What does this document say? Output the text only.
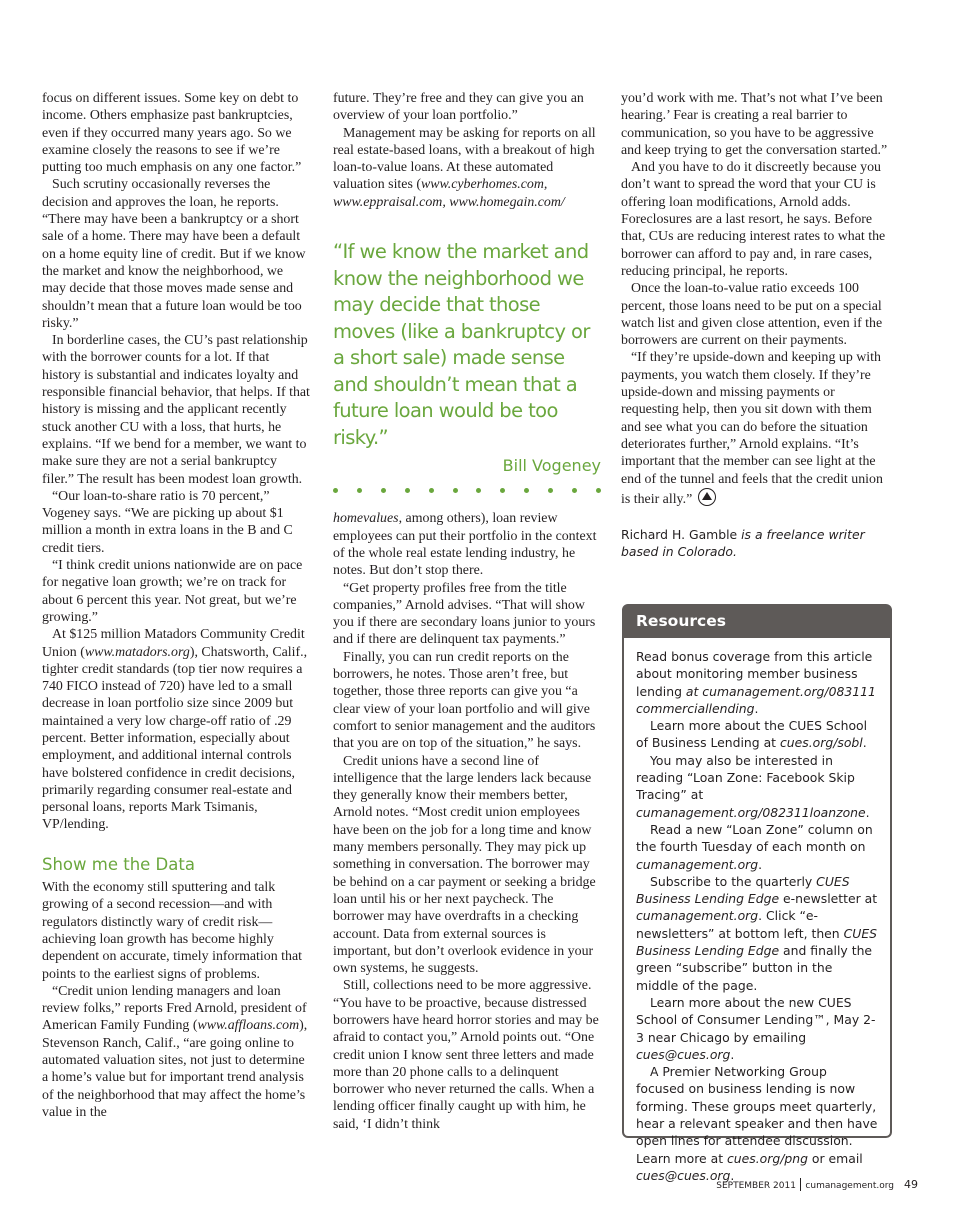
focus on different issues. Some key on debt to income. Others emphasize past bankruptcies, even if they occurred many years ago. So we examine closely the reasons to see if we’re putting too much emphasis on any one factor.”

Such scrutiny occasionally reverses the decision and approves the loan, he reports. “There may have been a bankruptcy or a short sale of a home. There may have been a default on a home equity line of credit. But if we know the market and know the neighborhood, we may decide that those moves made sense and shouldn’t mean that a future loan would be too risky.”

In borderline cases, the CU’s past relationship with the borrower counts for a lot. If that history is substantial and indicates loyalty and responsible financial behavior, that helps. If that history is missing and the applicant recently stuck another CU with a loss, that hurts, he explains. “If we bend for a member, we want to make sure they are not a serial bankruptcy filer.” The result has been modest loan growth.

“Our loan-to-share ratio is 70 percent,” Vogeney says. “We are picking up about $1 million a month in extra loans in the B and C credit tiers.

“I think credit unions nationwide are on pace for negative loan growth; we’re on track for about 6 percent this year. Not great, but we’re growing.”

At $125 million Matadors Community Credit Union (www.matadors.org), Chatsworth, Calif., tighter credit standards (top tier now requires a 740 FICO instead of 720) have led to a small decrease in loan portfolio size since 2009 but maintained a very low charge-off ratio of .29 percent. Better information, especially about employment, and additional internal controls have bolstered confidence in credit decisions, primarily regarding consumer real-estate and personal loans, reports Mark Tsimanis, VP/lending.

Show me the Data

With the economy still sputtering and talk growing of a second recession—and with regulators distinctly wary of credit risk—achieving loan growth has become highly dependent on accurate, timely information that points to the earliest signs of problems.

“Credit union lending managers and loan review folks,” reports Fred Arnold, president of American Family Funding (www.affloans.com), Stevenson Ranch, Calif., “are going online to automated valuation sites, not just to determine a home’s value but for important trend analysis of the neighborhood that may affect the home’s value in the

future. They’re free and they can give you an overview of your loan portfolio.”

Management may be asking for reports on all real estate-based loans, with a breakout of high loan-to-value loans. At these automated valuation sites (www.cyberhomes.com, www.eppraisal.com, www.homegain.com/

“If we know the market and know the neighborhood we may decide that those moves (like a bankruptcy or a short sale) made sense and shouldn’t mean that a future loan would be too risky.”
Bill Vogeney

homevalues, among others), loan review employees can put their portfolio in the context of the whole real estate lending industry, he notes. But don’t stop there.

“Get property profiles free from the title companies,” Arnold advises. “That will show you if there are secondary loans junior to yours and if there are delinquent tax payments.”

Finally, you can run credit reports on the borrowers, he notes. Those aren’t free, but together, those three reports can give you “a clear view of your loan portfolio and will give comfort to senior management and the auditors that you are on top of the situation,” he says.

Credit unions have a second line of intelligence that the large lenders lack because they generally know their members better, Arnold notes. “Most credit union employees have been on the job for a long time and know many members personally. They may pick up something in conversation. The borrower may be behind on a car payment or seeking a bridge loan until his or her next paycheck. The borrower may have overdrafts in a checking account. Data from external sources is important, but don’t overlook evidence in your own systems, he suggests.

Still, collections need to be more aggressive. “You have to be proactive, because distressed borrowers have heard horror stories and may be afraid to contact you,” Arnold points out. “One credit union I know sent three letters and made more than 20 phone calls to a delinquent borrower who never returned the calls. When a lending officer finally caught up with him, he said, ‘I didn’t think

you’d work with me. That’s not what I’ve been hearing.’ Fear is creating a real barrier to communication, so you have to be aggressive and keep trying to get the conversation started.”

And you have to do it discreetly because you don’t want to spread the word that your CU is offering loan modifications, Arnold adds. Foreclosures are a last resort, he says. Before that, CUs are reducing interest rates to what the borrower can afford to pay and, in rare cases, reducing principal, he reports.

Once the loan-to-value ratio exceeds 100 percent, those loans need to be put on a special watch list and given close attention, even if the borrowers are current on their payments.

“If they’re upside-down and keeping up with payments, you watch them closely. If they’re upside-down and missing payments or requesting help, then you sit down with them and see what you can do before the situation deteriorates further,” Arnold explains. “It’s important that the member can see light at the end of the tunnel and feels that the credit union is their ally.”

Richard H. Gamble is a freelance writer based in Colorado.
Resources

Read bonus coverage from this article about monitoring member business lending at cumanagement.org/083111 commerciallending.

Learn more about the CUES School of Business Lending at cues.org/sobl.

You may also be interested in reading “Loan Zone: Facebook Skip Tracing” at cumanagement.org/082311loanzone.

Read a new “Loan Zone” column on the fourth Tuesday of each month on cumanagement.org.

Subscribe to the quarterly CUES Business Lending Edge e-newsletter at cumanagement.org. Click “e-newsletters” at bottom left, then CUES Business Lending Edge and finally the green “subscribe” button in the middle of the page.

Learn more about the new CUES School of Consumer Lending™, May 2-3 near Chicago by emailing cues@cues.org.

A Premier Networking Group focused on business lending is now forming. These groups meet quarterly, hear a relevant speaker and then have open lines for attendee discussion. Learn more at cues.org/png or email cues@cues.org.

SEPTEMBER 2011 cumanagement.org 49
